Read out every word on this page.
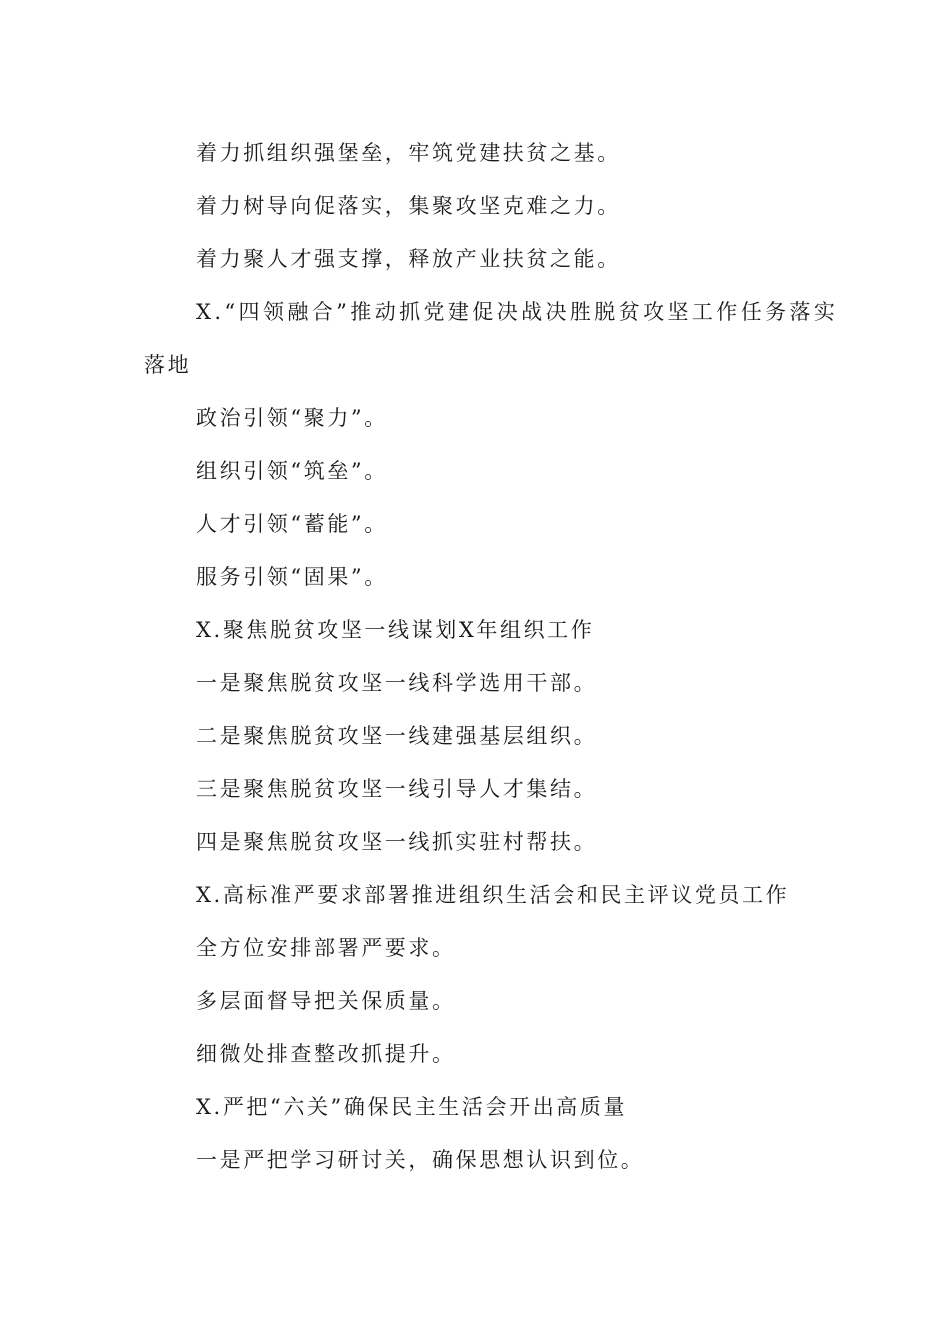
着力抓组织强堡垒，牢筑党建扶贫之基。
着力树导向促落实，集聚攻坚克难之力。
着力聚人才强支撑，释放产业扶贫之能。
X.“四领融合”推动抓党建促决战决胜脱贫攻坚工作任务落实
落地
政治引领“聚力”。
组织引领“筑垒”。
人才引领“蓄能”。
服务引领“固果”。
X.聚焦脱贫攻坚一线谋划X年组织工作
一是聚焦脱贫攻坚一线科学选用干部。
二是聚焦脱贫攻坚一线建强基层组织。
三是聚焦脱贫攻坚一线引导人才集结。
四是聚焦脱贫攻坚一线抓实驻村帮扶。
X.高标准严要求部署推进组织生活会和民主评议党员工作
全方位安排部署严要求。
多层面督导把关保质量。
细微处排查整改抓提升。
X.严把“六关”确保民主生活会开出高质量
一是严把学习研讨关，确保思想认识到位。
